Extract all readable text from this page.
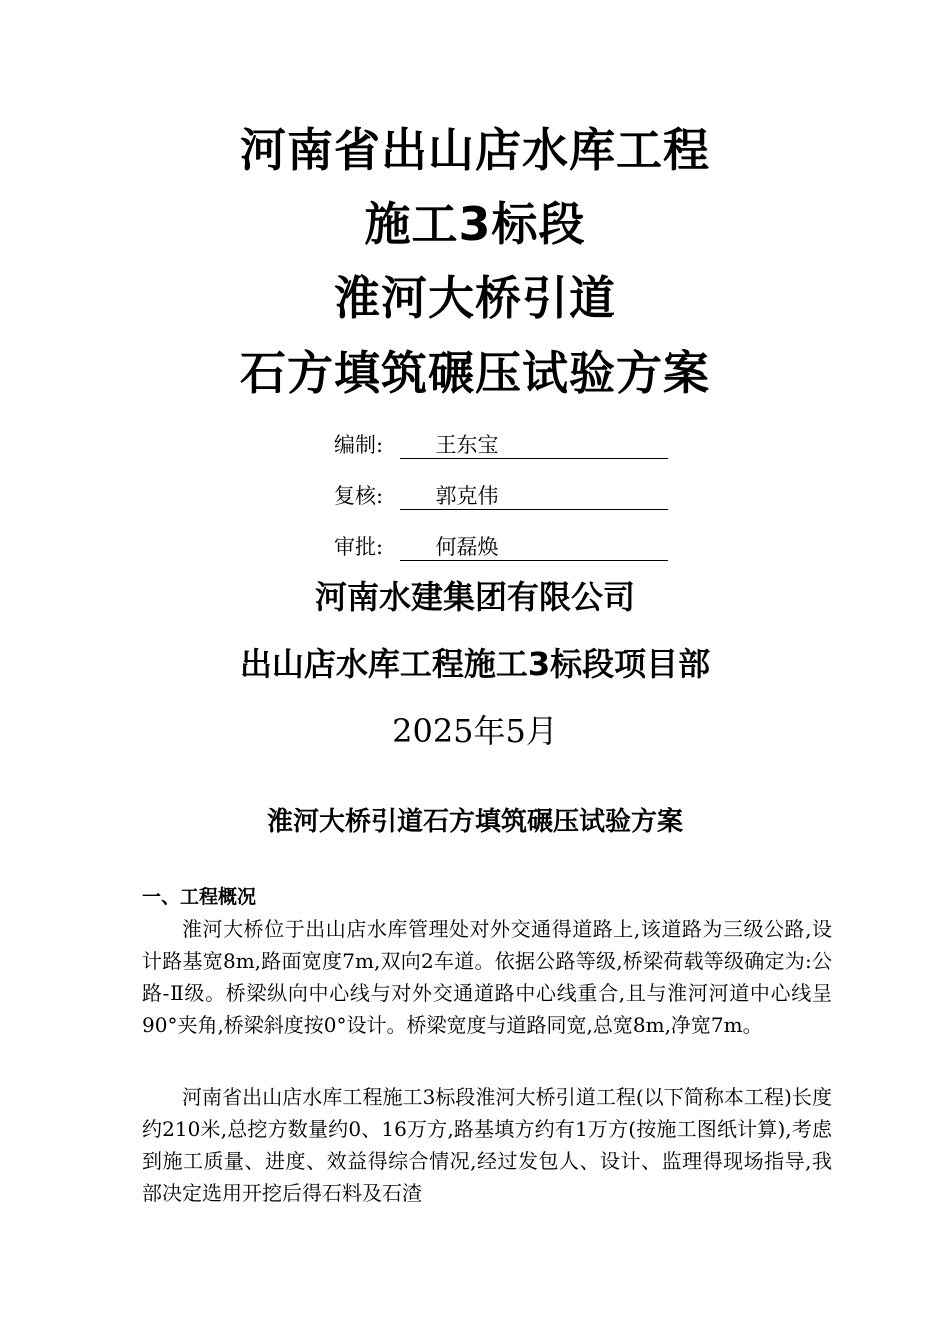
河南省出山店水库工程
施工3标段
淮河大桥引道
石方填筑碾压试验方案
编制:	王东宝
复核:	郭克伟
审批:	何磊焕
河南水建集团有限公司
出山店水库工程施工3标段项目部
2025年5月
淮河大桥引道石方填筑碾压试验方案
一、工程概况

淮河大桥位于出山店水库管理处对外交通得道路上,该道路为三级公路,设计路基宽8m,路面宽度7m,双向2车道。依据公路等级,桥梁荷载等级确定为:公路-Ⅱ级。桥梁纵向中心线与对外交通道路中心线重合,且与淮河河道中心线呈90°夹角,桥梁斜度按0°设计。桥梁宽度与道路同宽,总宽8m,净宽7m。

河南省出山店水库工程施工3标段淮河大桥引道工程(以下简称本工程)长度约210米,总挖方数量约0、16万方,路基填方约有1万方(按施工图纸计算),考虑到施工质量、进度、效益得综合情况,经过发包人、设计、监理得现场指导,我部决定选用开挖后得石料及石渣
